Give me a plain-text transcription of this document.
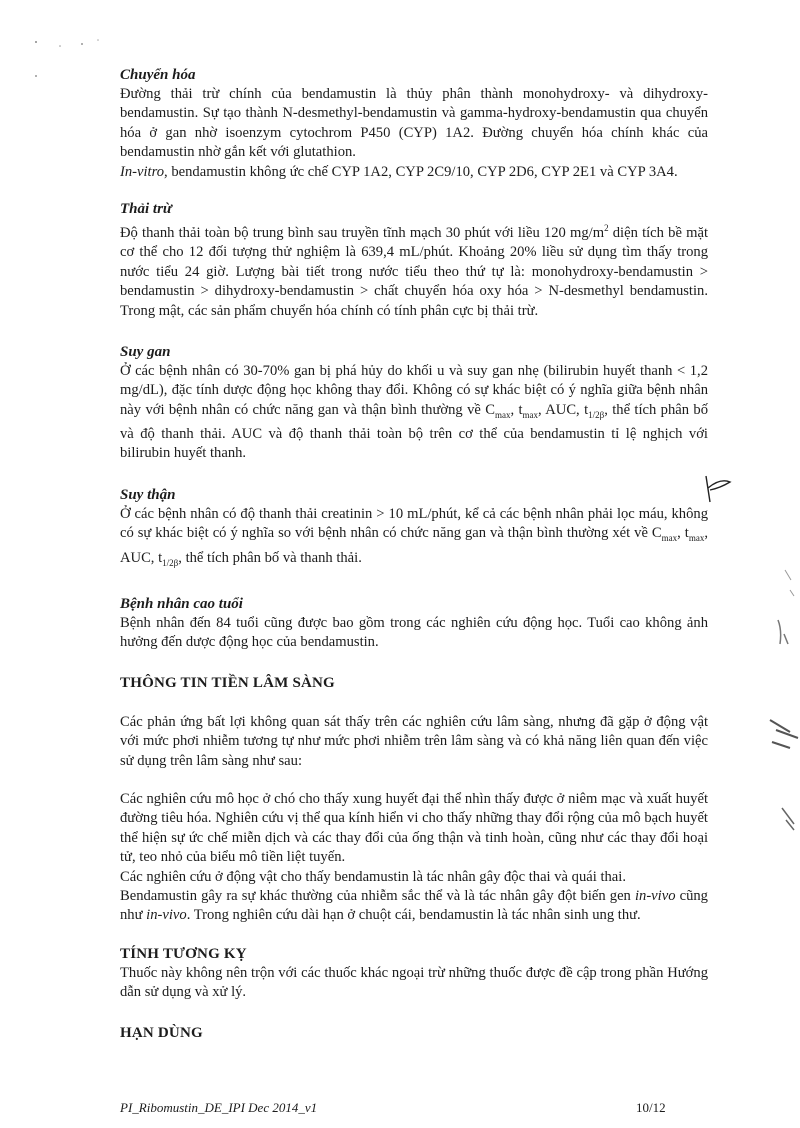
Chuyển hóa

Đường thải trừ chính của bendamustin là thủy phân thành monohydroxy- và dihydroxy-bendamustin. Sự tạo thành N-desmethyl-bendamustin và gamma-hydroxy-bendamustin qua chuyển hóa ở gan nhờ isoenzym cytochrom P450 (CYP) 1A2. Đường chuyển hóa chính khác của bendamustin nhờ gắn kết với glutathion.

In-vitro, bendamustin không ức chế CYP 1A2, CYP 2C9/10, CYP 2D6, CYP 2E1 và CYP 3A4.

Thải trừ

Độ thanh thải toàn bộ trung bình sau truyền tĩnh mạch 30 phút với liều 120 $mg/m^2$ diện tích bề mặt cơ thể cho 12 đối tượng thử nghiệm là 639,4 mL/phút. Khoảng 20% liều sử dụng tìm thấy trong nước tiểu 24 giờ. Lượng bài tiết trong nước tiểu theo thứ tự là: monohydroxy-bendamustin > bendamustin > dihydroxy-bendamustin > chất chuyển hóa oxy hóa > N-desmethyl bendamustin. Trong mật, các sản phẩm chuyển hóa chính có tính phân cực bị thải trừ.

Suy gan

Ở các bệnh nhân có 30-70% gan bị phá hủy do khối u và suy gan nhẹ (bilirubin huyết thanh < 1,2 mg/dL), đặc tính dược động học không thay đổi. Không có sự khác biệt có ý nghĩa giữa bệnh nhân này với bệnh nhân có chức năng gan và thận bình thường về $C_{max}$, $t_{max}$, AUC, $t_{1/2\beta}$, thể tích phân bố và độ thanh thải. AUC và độ thanh thải toàn bộ trên cơ thể của bendamustin tỉ lệ nghịch với bilirubin huyết thanh.

Suy thận

Ở các bệnh nhân có độ thanh thải creatinin > 10 mL/phút, kể cả các bệnh nhân phải lọc máu, không có sự khác biệt có ý nghĩa so với bệnh nhân có chức năng gan và thận bình thường xét về $C_{max}$, $t_{max}$, AUC, $t_{1/2\beta}$, thể tích phân bố và thanh thải.

Bệnh nhân cao tuổi

Bệnh nhân đến 84 tuổi cũng được bao gồm trong các nghiên cứu động học. Tuổi cao không ảnh hưởng đến dược động học của bendamustin.

THÔNG TIN TIỀN LÂM SÀNG

Các phản ứng bất lợi không quan sát thấy trên các nghiên cứu lâm sàng, nhưng đã gặp ở động vật với mức phơi nhiễm tương tự như mức phơi nhiễm trên lâm sàng và có khả năng liên quan đến việc sử dụng trên lâm sàng như sau:

Các nghiên cứu mô học ở chó cho thấy xung huyết đại thể nhìn thấy được ở niêm mạc và xuất huyết đường tiêu hóa. Nghiên cứu vị thể qua kính hiển vi cho thấy những thay đổi rộng của mô bạch huyết thể hiện sự ức chế miễn dịch và các thay đổi của ống thận và tinh hoàn, cũng như các thay đổi hoại tử, teo nhỏ của biểu mô tiền liệt tuyến.

Các nghiên cứu ở động vật cho thấy bendamustin là tác nhân gây độc thai và quái thai.

Bendamustin gây ra sự khác thường của nhiễm sắc thể và là tác nhân gây đột biến gen in-vivo cũng như in-vivo. Trong nghiên cứu dài hạn ở chuột cái, bendamustin là tác nhân sinh ung thư.

TÍNH TƯƠNG KỴ

Thuốc này không nên trộn với các thuốc khác ngoại trừ những thuốc được đề cập trong phần Hướng dẫn sử dụng và xử lý.

HẠN DÙNG

PI_Ribomustin_DE_IPI Dec 2014_v1	10/12
